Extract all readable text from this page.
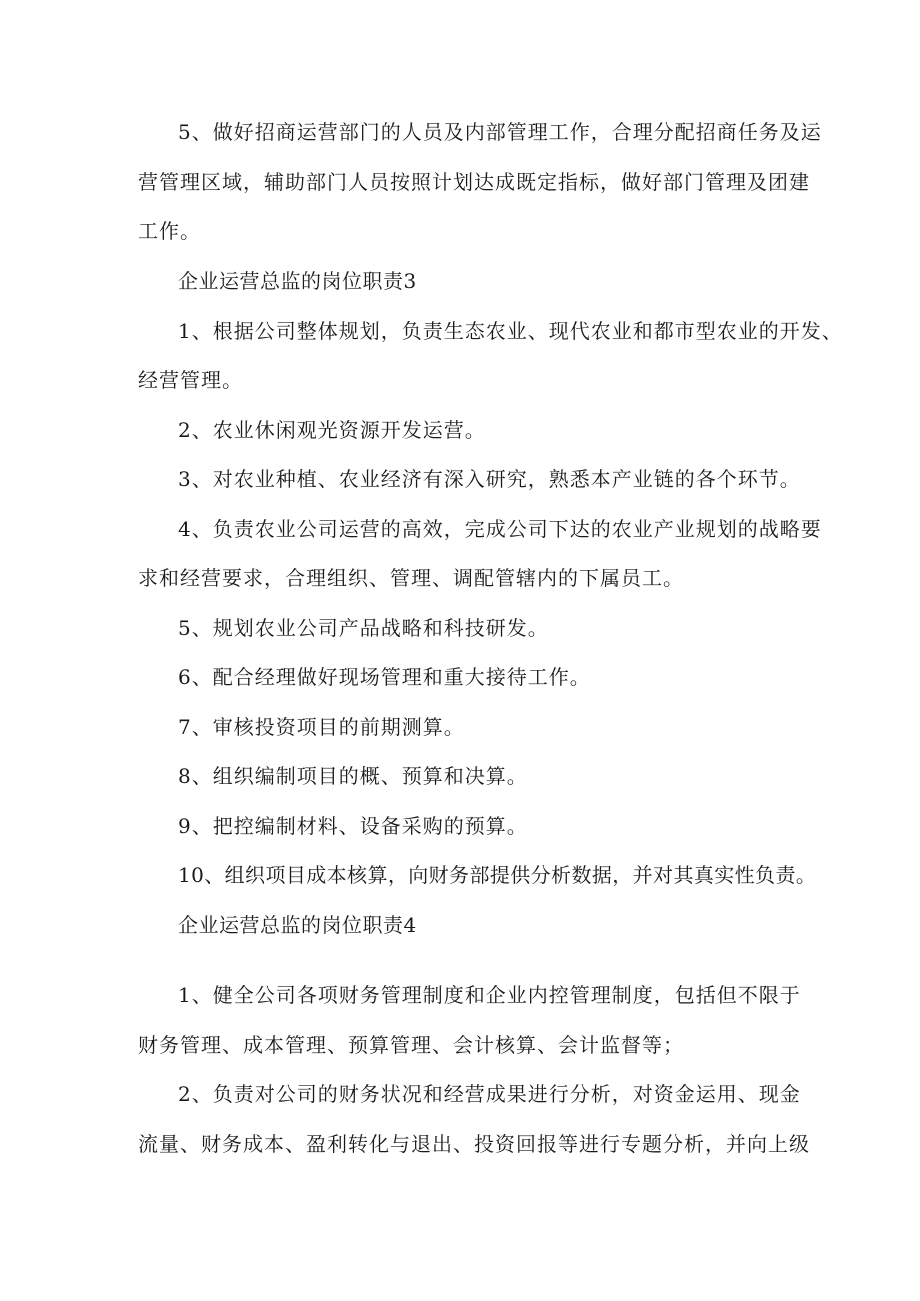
5、做好招商运营部门的人员及内部管理工作，合理分配招商任务及运
营管理区域，辅助部门人员按照计划达成既定指标，做好部门管理及团建
工作。
企业运营总监的岗位职责3
1、根据公司整体规划，负责生态农业、现代农业和都市型农业的开发、
经营管理。
2、农业休闲观光资源开发运营。
3、对农业种植、农业经济有深入研究，熟悉本产业链的各个环节。
4、负责农业公司运营的高效，完成公司下达的农业产业规划的战略要
求和经营要求，合理组织、管理、调配管辖内的下属员工。
5、规划农业公司产品战略和科技研发。
6、配合经理做好现场管理和重大接待工作。
7、审核投资项目的前期测算。
8、组织编制项目的概、预算和决算。
9、把控编制材料、设备采购的预算。
10、组织项目成本核算，向财务部提供分析数据，并对其真实性负责。
企业运营总监的岗位职责4
1、健全公司各项财务管理制度和企业内控管理制度，包括但不限于
财务管理、成本管理、预算管理、会计核算、会计监督等；
2、负责对公司的财务状况和经营成果进行分析，对资金运用、现金
流量、财务成本、盈利转化与退出、投资回报等进行专题分析，并向上级
